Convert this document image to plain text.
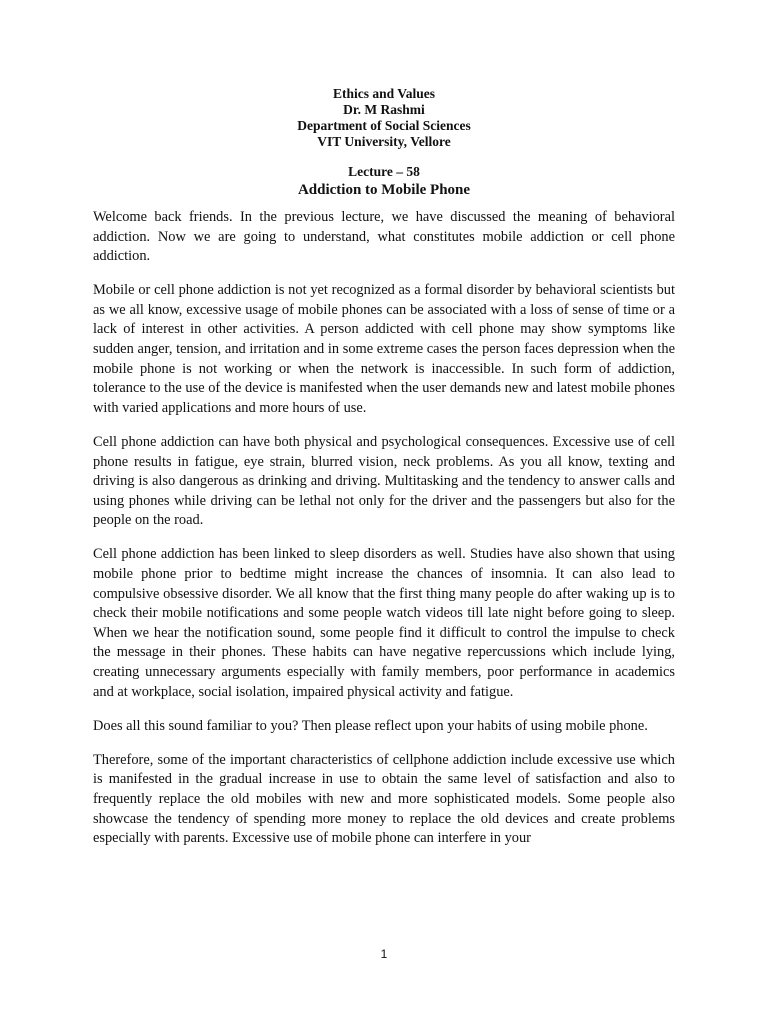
Ethics and Values
Dr. M Rashmi
Department of Social Sciences
VIT University, Vellore
Lecture – 58
Addiction to Mobile Phone

Welcome back friends. In the previous lecture, we have discussed the meaning of behavioral addiction. Now we are going to understand, what constitutes mobile addiction or cell phone addiction.

Mobile or cell phone addiction is not yet recognized as a formal disorder by behavioral scientists but as we all know, excessive usage of mobile phones can be associated with a loss of sense of time or a lack of interest in other activities. A person addicted with cell phone may show symptoms like sudden anger, tension, and irritation and in some extreme cases the person faces depression when the mobile phone is not working or when the network is inaccessible. In such form of addiction, tolerance to the use of the device is manifested when the user demands new and latest mobile phones with varied applications and more hours of use.

Cell phone addiction can have both physical and psychological consequences. Excessive use of cell phone results in fatigue, eye strain, blurred vision, neck problems. As you all know, texting and driving is also dangerous as drinking and driving. Multitasking and the tendency to answer calls and using phones while driving can be lethal not only for the driver and the passengers but also for the people on the road.

Cell phone addiction has been linked to sleep disorders as well. Studies have also shown that using mobile phone prior to bedtime might increase the chances of insomnia. It can also lead to compulsive obsessive disorder. We all know that the first thing many people do after waking up is to check their mobile notifications and some people watch videos till late night before going to sleep. When we hear the notification sound, some people find it difficult to control the impulse to check the message in their phones. These habits can have negative repercussions which include lying, creating unnecessary arguments especially with family members, poor performance in academics and at workplace, social isolation, impaired physical activity and fatigue.

Does all this sound familiar to you? Then please reflect upon your habits of using mobile phone.

Therefore, some of the important characteristics of cellphone addiction include excessive use which is manifested in the gradual increase in use to obtain the same level of satisfaction and also to frequently replace the old mobiles with new and more sophisticated models. Some people also showcase the tendency of spending more money to replace the old devices and create problems especially with parents. Excessive use of mobile phone can interfere in your

1
